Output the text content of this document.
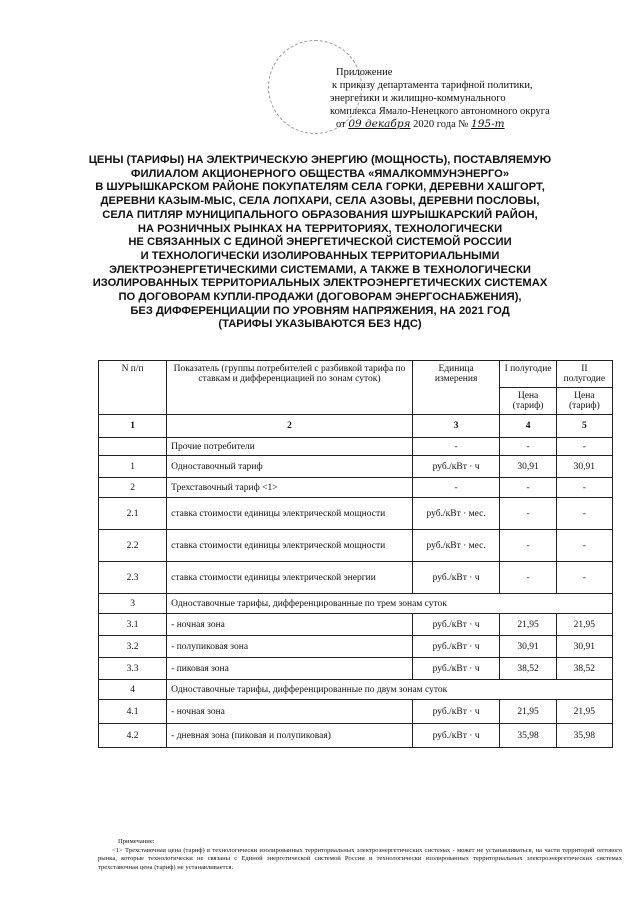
Приложение
к приказу департамента тарифной политики,
энергетики и жилищно-коммунального
комплекса Ямало-Ненецкого автономного округа
от 09 декабря 2020 года № 195-т
ЦЕНЫ (ТАРИФЫ) НА ЭЛЕКТРИЧЕСКУЮ ЭНЕРГИЮ (МОЩНОСТЬ), ПОСТАВЛЯЕМУЮ
ФИЛИАЛОМ АКЦИОНЕРНОГО ОБЩЕСТВА «ЯМАЛКОММУНЭНЕРГО»
В ШУРЫШКАРСКОМ РАЙОНЕ ПОКУПАТЕЛЯМ СЕЛА ГОРКИ, ДЕРЕВНИ ХАШГОРТ,
ДЕРЕВНИ КАЗЫМ-МЫС, СЕЛА ЛОПХАРИ, СЕЛА АЗОВЫ, ДЕРЕВНИ ПОСЛОВЫ,
СЕЛА ПИТЛЯР МУНИЦИПАЛЬНОГО ОБРАЗОВАНИЯ ШУРЫШКАРСКИЙ РАЙОН,
НА РОЗНИЧНЫХ РЫНКАХ НА ТЕРРИТОРИЯХ, ТЕХНОЛОГИЧЕСКИ
НЕ СВЯЗАННЫХ С ЕДИНОЙ ЭНЕРГЕТИЧЕСКОЙ СИСТЕМОЙ РОССИИ
И ТЕХНОЛОГИЧЕСКИ ИЗОЛИРОВАННЫХ ТЕРРИТОРИАЛЬНЫМИ
ЭЛЕКТРОЭНЕРГЕТИЧЕСКИМИ СИСТЕМАМИ, А ТАКЖЕ В ТЕХНОЛОГИЧЕСКИ
ИЗОЛИРОВАННЫХ ТЕРРИТОРИАЛЬНЫХ ЭЛЕКТРОЭНЕРГЕТИЧЕСКИХ СИСТЕМАХ
ПО ДОГОВОРАМ КУПЛИ-ПРОДАЖИ (ДОГОВОРАМ ЭНЕРГОСНАБЖЕНИЯ),
БЕЗ ДИФФЕРЕНЦИАЦИИ ПО УРОВНЯМ НАПРЯЖЕНИЯ, НА 2021 ГОД
(ТАРИФЫ УКАЗЫВАЮТСЯ БЕЗ НДС)
N п/п	Показатель (группы потребителей с разбивкой тарифа по ставкам и дифференциацией по зонам суток)	Единица измерения	I полугодие	II полугодие
			Цена (тариф)	Цена (тариф)
1	2	3	4	5
	Прочие потребители	-	-	-
1	Одноставочный тариф	руб./кВт · ч	30,91	30,91
2	Трехставочный тариф <1>	-	-	-
2.1	ставка стоимости единицы электрической мощности	руб./кВт · мес.	-	-
2.2	ставка стоимости единицы электрической мощности	руб./кВт · мес.	-	-
2.3	ставка стоимости единицы электрической энергии	руб./кВт · ч	-	-
3	Одноставочные тарифы, дифференцированные по трем зонам суток			
3.1	- ночная зона	руб./кВт · ч	21,95	21,95
3.2	- полупиковая зона	руб./кВт · ч	30,91	30,91
3.3	- пиковая зона	руб./кВт · ч	38,52	38,52
4	Одноставочные тарифы, дифференцированные по двум зонам суток			
4.1	- ночная зона	руб./кВт · ч	21,95	21,95
4.2	- дневная зона (пиковая и полупиковая)	руб./кВт · ч	35,98	35,98
Примечание:
<1> Трехставочная цена (тариф) в технологически изолированных территориальных электроэнергетических системах - может не устанавливаться, на части территорий оптового рынка, которые технологически не связаны с Единой энергетической системой России и технологически изолированных территориальных электроэнергетических системах трехставочная цена (тариф) не устанавливается.
